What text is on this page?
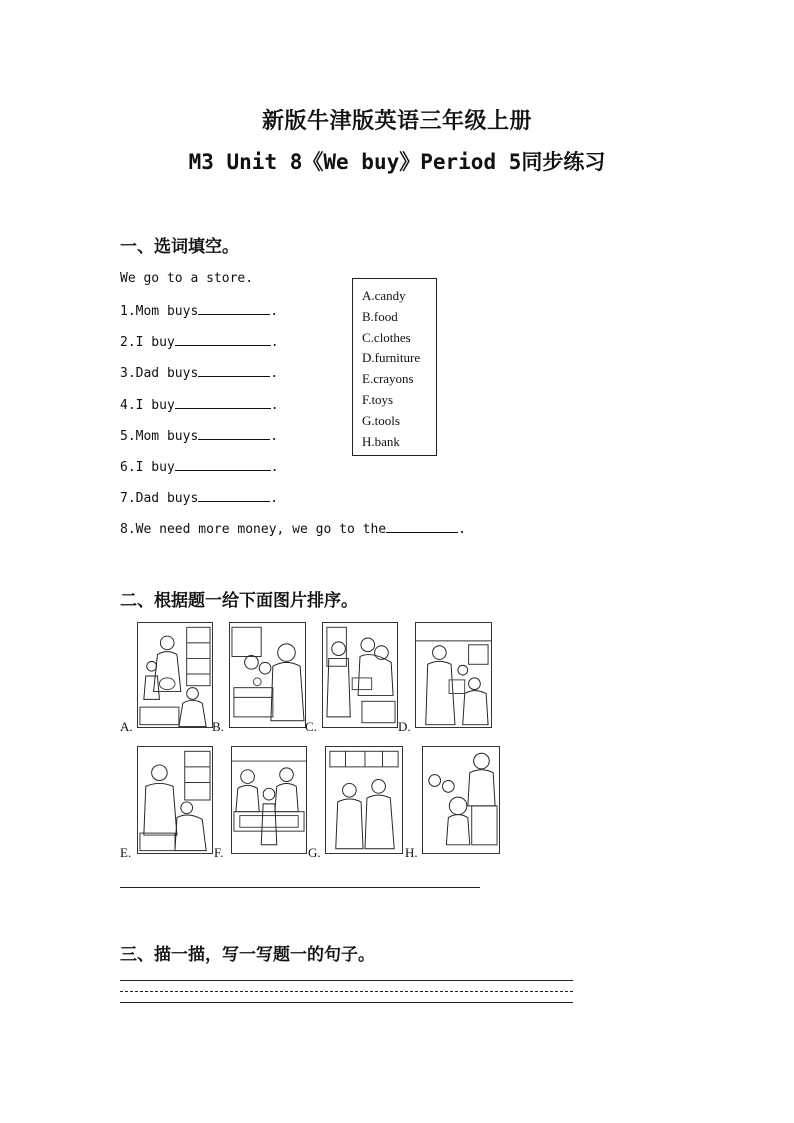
新版牛津版英语三年级上册
M3 Unit 8《We buy》Period 5同步练习
一、选词填空。
We go to a store.
1.Mom buys	.
2.I buy	.
3.Dad buys	.
4.I buy	.
5.Mom buys	.
6.I buy	.
7.Dad buys	.
8.We need more money, we go to the	.
A.candy
B.food
C.clothes
D.furniture
E.crayons
F.toys
G.tools
H.bank
二、根据题一给下面图片排序。
A.	B.	C.	D.
E.	F.	G.	H.
三、描一描，写一写题一的句子。
